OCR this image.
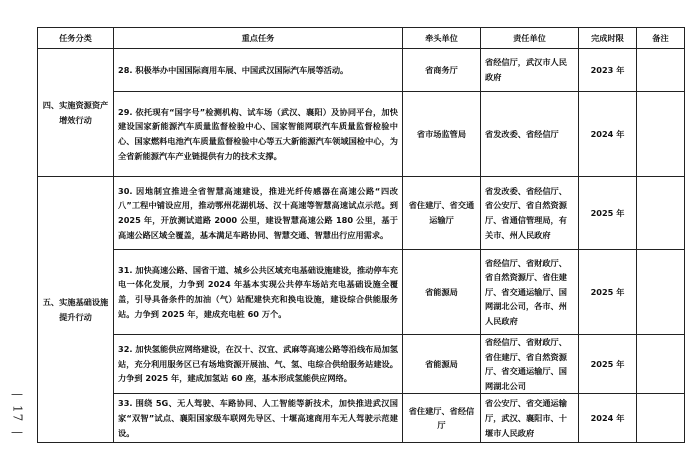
—
17
—
任务分类	重点任务	牵头单位	责任单位	完成时限	备注
四、实施资源资产增效行动	28. 积极举办中国国际商用车展、中国武汉国际汽车展等活动。	省商务厅	省经信厅，武汉市人民政府	2023 年	
	29. 依托现有“国字号”检测机构、试车场（武汉、襄阳）及协同平台，加快建设国家新能源汽车质量监督检验中心、国家智能网联汽车质量监督检验中心、国家燃料电池汽车质量监督检验中心等五大新能源汽车领域国检中心，为全省新能源汽车产业链提供有力的技术支撑。	省市场监管局	省发改委、省经信厅	2024 年	
五、实施基础设施提升行动	30. 因地制宜推进全省智慧高速建设，推进光纤传感器在高速公路“四改八”工程中铺设应用，推动鄂州花湖机场、汉十高速等智慧高速试点示范。到 2025 年，开放测试道路 2000 公里，建设智慧高速公路 180 公里，基于高速公路区域全覆盖，基本满足车路协同、智慧交通、智慧出行应用需求。	省住建厅、省交通运输厅	省发改委、省经信厅、省公安厅、省自然资源厅、省通信管理局，有关市、州人民政府	2025 年	
	31. 加快高速公路、国省干道、城乡公共区域充电基础设施建设，推动停车充电一体化发展，力争到 2024 年基本实现公共停车场站充电基础设施全覆盖，引导具备条件的加油（气）站配建快充和换电设施，建设综合供能服务站。力争到 2025 年，建成充电桩 60 万个。	省能源局	省经信厅、省财政厅、省自然资源厅、省住建厅、省交通运输厅、国网湖北公司，各市、州人民政府	2025 年	
	32. 加快氢能供应网络建设，在汉十、汉宜、武麻等高速公路等沿线布局加氢站，充分利用服务区已有场地资源开展油、气、氢、电综合供给服务站建设。力争到 2025 年，建成加氢站 60 座，基本形成氢能供应网络。	省能源局	省经信厅、省财政厅、省住建厅、省自然资源厅、省交通运输厅、国网湖北公司	2025 年	
	33. 围绕 5G、无人驾驶、车路协同、人工智能等新技术，加快推进武汉国家“双智”试点、襄阳国家级车联网先导区、十堰高速商用车无人驾驶示范建设。	省住建厅、省经信厅	省公安厅、省交通运输厅，武汉、襄阳市、十堰市人民政府	2024 年	
